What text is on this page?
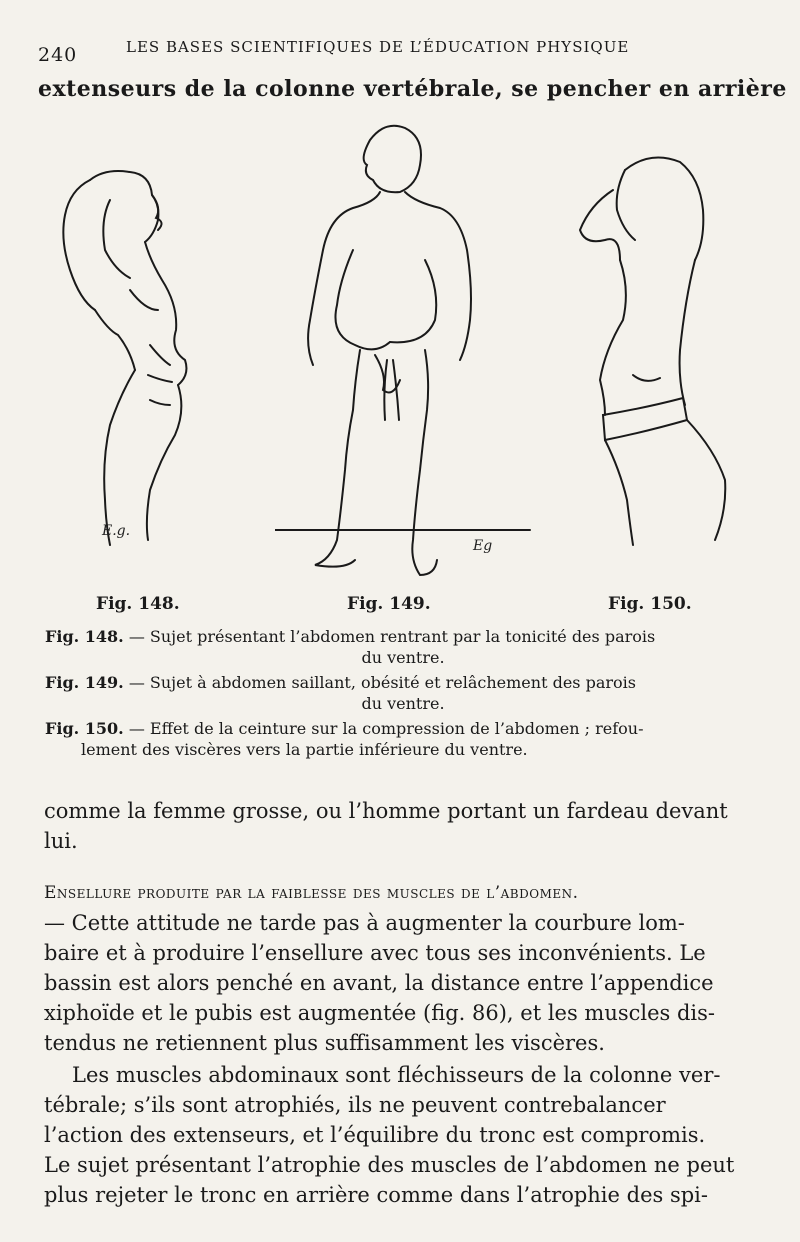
240	LES BASES SCIENTIFIQUES DE L’ÉDUCATION PHYSIQUE
extenseurs de la colonne vertébrale, se pencher en arrière
E.g.
Eg
Fig. 148.	Fig. 149.	Fig. 150.
Fig. 148. — Sujet présentant l’abdomen rentrant par la tonicité des parois
du ventre.
Fig. 149. — Sujet à abdomen saillant, obésité et relâchement des parois
du ventre.
Fig. 150. — Effet de la ceinture sur la compression de l’abdomen ; refou-
lement des viscères vers la partie inférieure du ventre.
comme la femme grosse, ou l’homme portant un fardeau devant
lui.
Ensellure produite par la faiblesse des muscles de l’abdomen.
— Cette attitude ne tarde pas à augmenter la courbure lom-
baire et à produire l’ensellure avec tous ses inconvénients. Le
bassin est alors penché en avant, la distance entre l’appendice
xiphoïde et le pubis est augmentée (fig. 86), et les muscles dis-
tendus ne retiennent plus suffisamment les viscères.
Les muscles abdominaux sont fléchisseurs de la colonne ver-
tébrale; s’ils sont atrophiés, ils ne peuvent contrebalancer
l’action des extenseurs, et l’équilibre du tronc est compromis.
Le sujet présentant l’atrophie des muscles de l’abdomen ne peut
plus rejeter le tronc en arrière comme dans l’atrophie des spi-
